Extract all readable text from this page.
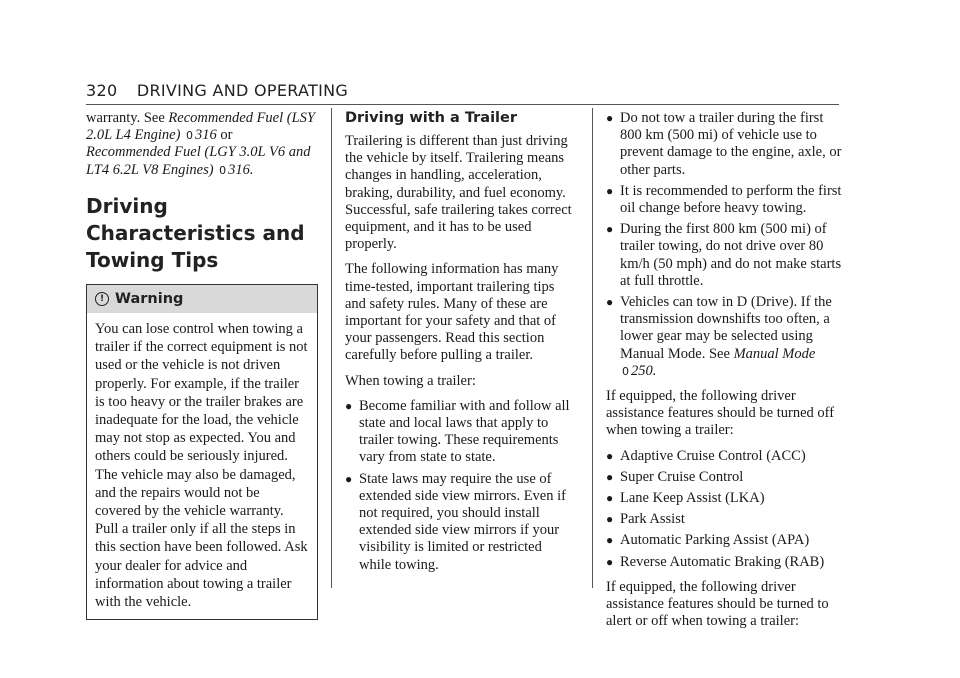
320 DRIVING AND OPERATING

warranty. See Recommended Fuel (LSY 2.0L L4 Engine) 0 316 or Recommended Fuel (LGY 3.0L V6 and LT4 6.2L V8 Engines) 0 316.

Driving Characteristics and Towing Tips
! Warning
You can lose control when towing a trailer if the correct equipment is not used or the vehicle is not driven properly. For example, if the trailer is too heavy or the trailer brakes are inadequate for the load, the vehicle may not stop as expected. You and others could be seriously injured. The vehicle may also be damaged, and the repairs would not be covered by the vehicle warranty. Pull a trailer only if all the steps in this section have been followed. Ask your dealer for advice and information about towing a trailer with the vehicle.
Driving with a Trailer

Trailering is different than just driving the vehicle by itself. Trailering means changes in handling, acceleration, braking, durability, and fuel economy. Successful, safe trailering takes correct equipment, and it has to be used properly.

The following information has many time-tested, important trailering tips and safety rules. Many of these are important for your safety and that of your passengers. Read this section carefully before pulling a trailer.

When towing a trailer:

● Become familiar with and follow all state and local laws that apply to trailer towing. These requirements vary from state to state.
● State laws may require the use of extended side view mirrors. Even if not required, you should install extended side view mirrors if your visibility is limited or restricted while towing.
● Do not tow a trailer during the first 800 km (500 mi) of vehicle use to prevent damage to the engine, axle, or other parts.
● It is recommended to perform the first oil change before heavy towing.
● During the first 800 km (500 mi) of trailer towing, do not drive over 80 km/h (50 mph) and do not make starts at full throttle.
● Vehicles can tow in D (Drive). If the transmission downshifts too often, a lower gear may be selected using Manual Mode. See Manual Mode
0 250.

If equipped, the following driver assistance features should be turned off when towing a trailer:

● Adaptive Cruise Control (ACC)
● Super Cruise Control
● Lane Keep Assist (LKA)
● Park Assist
● Automatic Parking Assist (APA)
● Reverse Automatic Braking (RAB)

If equipped, the following driver assistance features should be turned to alert or off when towing a trailer:
